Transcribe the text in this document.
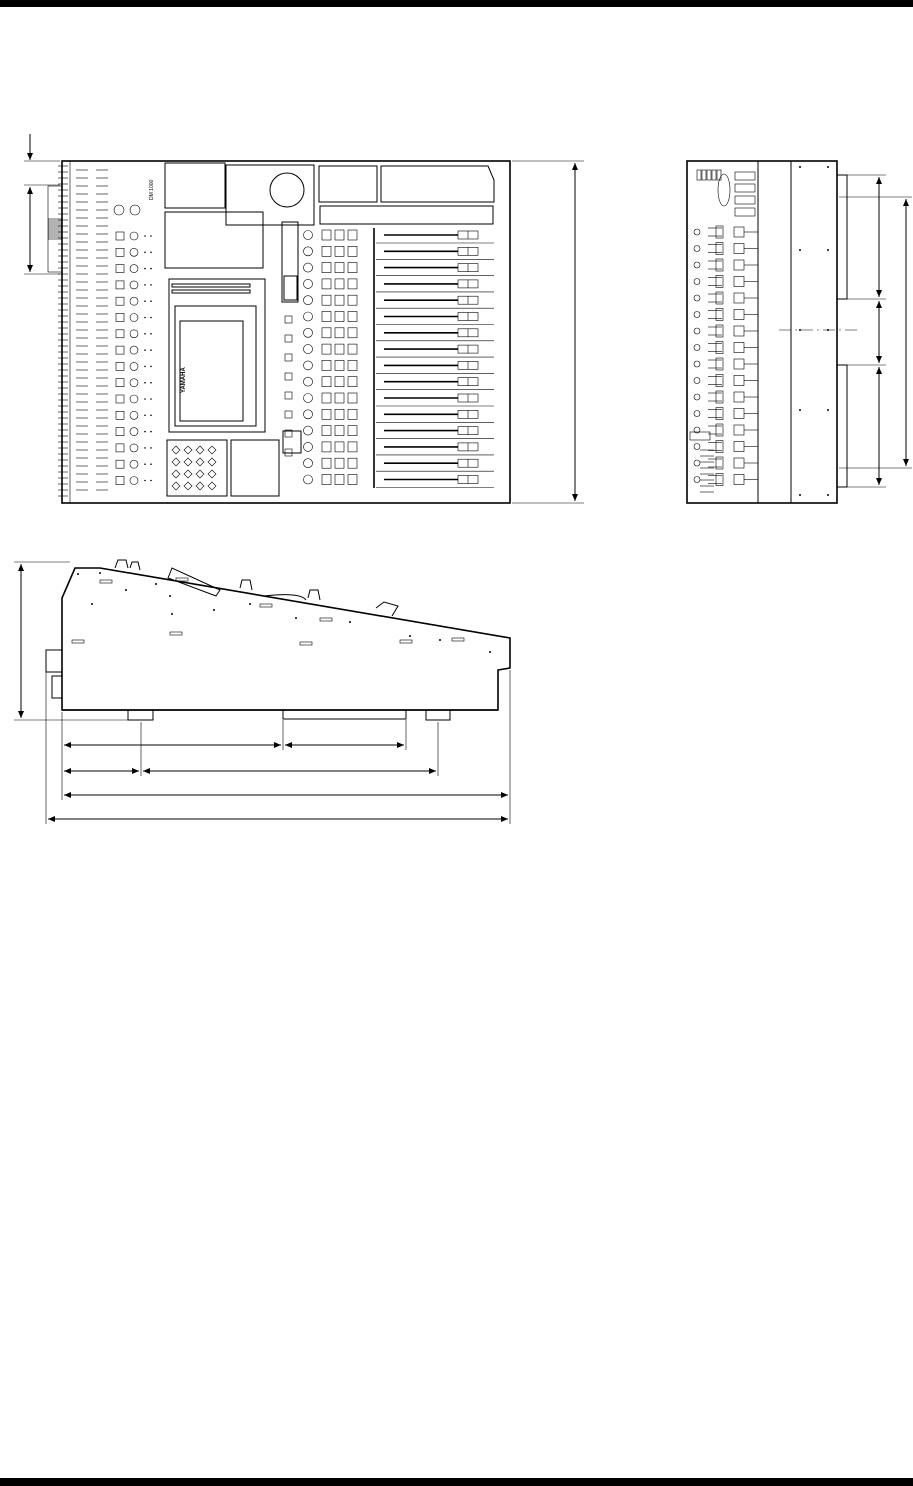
YAMAHA
DM 1000
